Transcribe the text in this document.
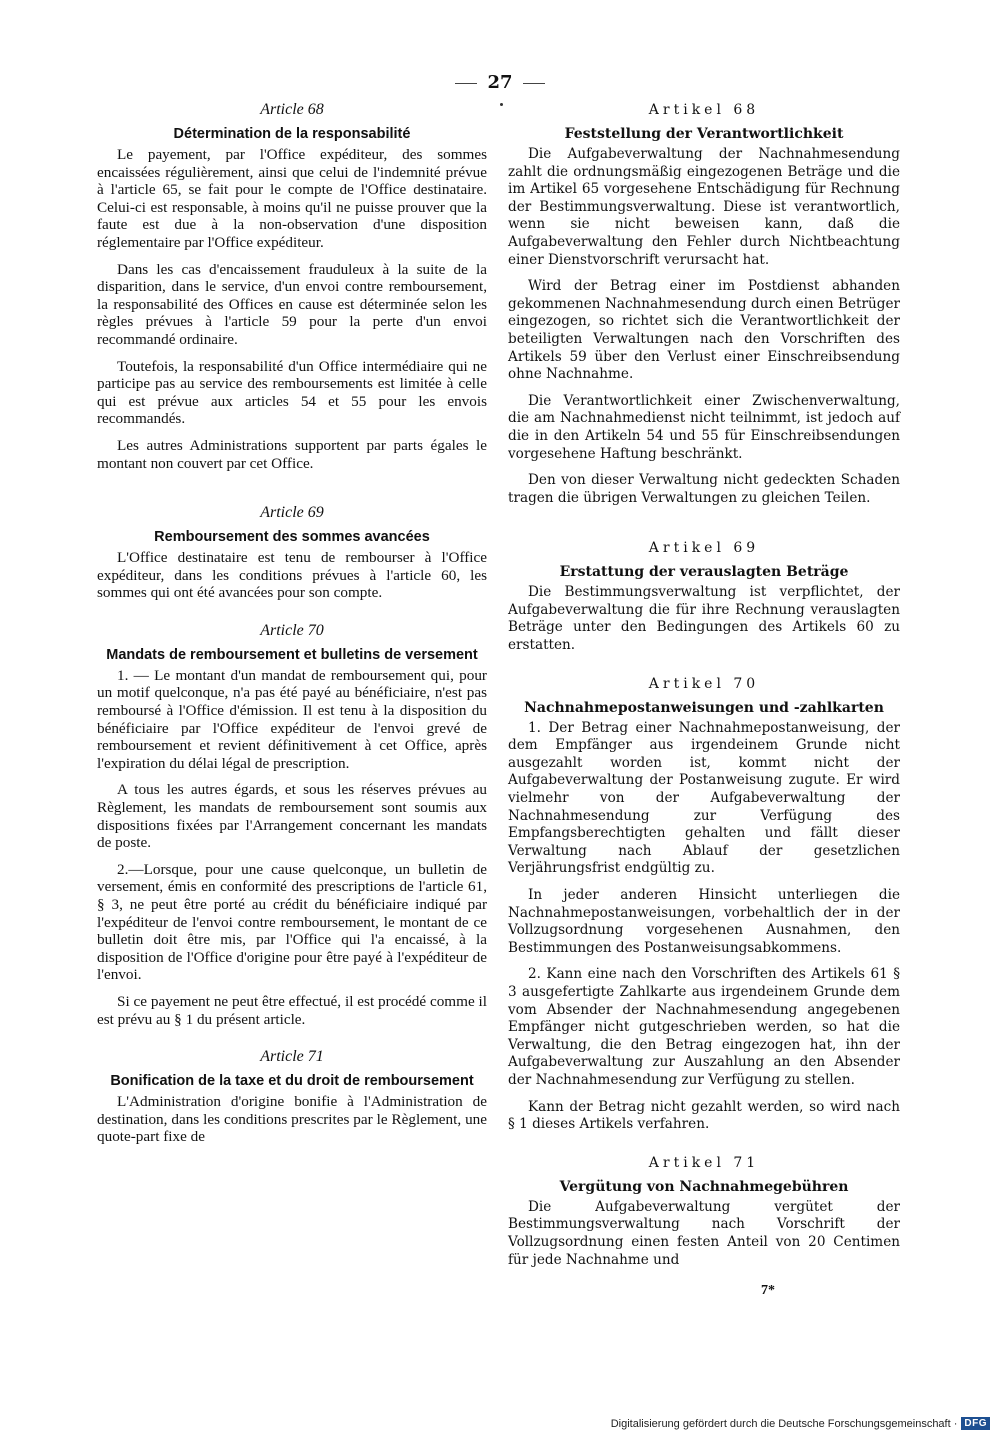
27
Article 68
Détermination de la responsabilité

Le payement, par l'Office expéditeur, des sommes encaissées régulièrement, ainsi que celui de l'indemnité prévue à l'article 65, se fait pour le compte de l'Office destinataire. Celui-ci est responsable, à moins qu'il ne puisse prouver que la faute est due à la non-observation d'une disposition réglementaire par l'Office expéditeur.

Dans les cas d'encaissement frauduleux à la suite de la disparition, dans le service, d'un envoi contre remboursement, la responsabilité des Offices en cause est déterminée selon les règles prévues à l'article 59 pour la perte d'un envoi recommandé ordinaire.

Toutefois, la responsabilité d'un Office intermédiaire qui ne participe pas au service des remboursements est limitée à celle qui est prévue aux articles 54 et 55 pour les envois recommandés.

Les autres Administrations supportent par parts égales le montant non couvert par cet Office.

Article 69
Remboursement des sommes avancées

L'Office destinataire est tenu de rembourser à l'Office expéditeur, dans les conditions prévues à l'article 60, les sommes qui ont été avancées pour son compte.

Article 70
Mandats de remboursement et bulletins de versement

1. — Le montant d'un mandat de remboursement qui, pour un motif quelconque, n'a pas été payé au bénéficiaire, n'est pas remboursé à l'Office d'émission. Il est tenu à la disposition du bénéficiaire par l'Office expéditeur de l'envoi grevé de remboursement et revient définitivement à cet Office, après l'expiration du délai légal de prescription.

A tous les autres égards, et sous les réserves prévues au Règlement, les mandats de remboursement sont soumis aux dispositions fixées par l'Arrangement concernant les mandats de poste.

2.—Lorsque, pour une cause quelconque, un bulletin de versement, émis en conformité des prescriptions de l'article 61, § 3, ne peut être porté au crédit du bénéficiaire indiqué par l'expéditeur de l'envoi contre remboursement, le montant de ce bulletin doit être mis, par l'Office qui l'a encaissé, à la disposition de l'Office d'origine pour être payé à l'expéditeur de l'envoi.

Si ce payement ne peut être effectué, il est procédé comme il est prévu au § 1 du présent article.

Article 71
Bonification de la taxe et du droit de remboursement

L'Administration d'origine bonifie à l'Administration de destination, dans les conditions prescrites par le Règlement, une quote-part fixe de

Artikel 68
Feststellung der Verantwortlichkeit

Die Aufgabeverwaltung der Nachnahmesendung zahlt die ordnungsmäßig eingezogenen Beträge und die im Artikel 65 vorgesehene Entschädigung für Rechnung der Bestimmungsverwaltung. Diese ist verantwortlich, wenn sie nicht beweisen kann, daß die Aufgabeverwaltung den Fehler durch Nichtbeachtung einer Dienstvorschrift verursacht hat.

Wird der Betrag einer im Postdienst abhanden gekommenen Nachnahmesendung durch einen Betrüger eingezogen, so richtet sich die Verantwortlichkeit der beteiligten Verwaltungen nach den Vorschriften des Artikels 59 über den Verlust einer Einschreibsendung ohne Nachnahme.

Die Verantwortlichkeit einer Zwischenverwaltung, die am Nachnahmedienst nicht teilnimmt, ist jedoch auf die in den Artikeln 54 und 55 für Einschreibsendungen vorgesehene Haftung beschränkt.

Den von dieser Verwaltung nicht gedeckten Schaden tragen die übrigen Verwaltungen zu gleichen Teilen.

Artikel 69
Erstattung der verauslagten Beträge

Die Bestimmungsverwaltung ist verpflichtet, der Aufgabeverwaltung die für ihre Rechnung verauslagten Beträge unter den Bedingungen des Artikels 60 zu erstatten.

Artikel 70
Nachnahmepostanweisungen und -zahlkarten

1. Der Betrag einer Nachnahmepostanweisung, der dem Empfänger aus irgendeinem Grunde nicht ausgezahlt worden ist, kommt nicht der Aufgabeverwaltung der Postanweisung zugute. Er wird vielmehr von der Aufgabeverwaltung der Nachnahmesendung zur Verfügung des Empfangsberechtigten gehalten und fällt dieser Verwaltung nach Ablauf der gesetzlichen Verjährungsfrist endgültig zu.

In jeder anderen Hinsicht unterliegen die Nachnahmepostanweisungen, vorbehaltlich der in der Vollzugsordnung vorgesehenen Ausnahmen, den Bestimmungen des Postanweisungsabkommens.

2. Kann eine nach den Vorschriften des Artikels 61 § 3 ausgefertigte Zahlkarte aus irgendeinem Grunde dem vom Absender der Nachnahmesendung angegebenen Empfänger nicht gutgeschrieben werden, so hat die Verwaltung, die den Betrag eingezogen hat, ihn der Aufgabeverwaltung zur Auszahlung an den Absender der Nachnahmesendung zur Verfügung zu stellen.

Kann der Betrag nicht gezahlt werden, so wird nach § 1 dieses Artikels verfahren.

Artikel 71
Vergütung von Nachnahmegebühren

Die Aufgabeverwaltung vergütet der Bestimmungsverwaltung nach Vorschrift der Vollzugsordnung einen festen Anteil von 20 Centimen für jede Nachnahme und

7*
Digitalisierung gefördert durch die Deutsche Forschungsgemeinschaft · DFG
